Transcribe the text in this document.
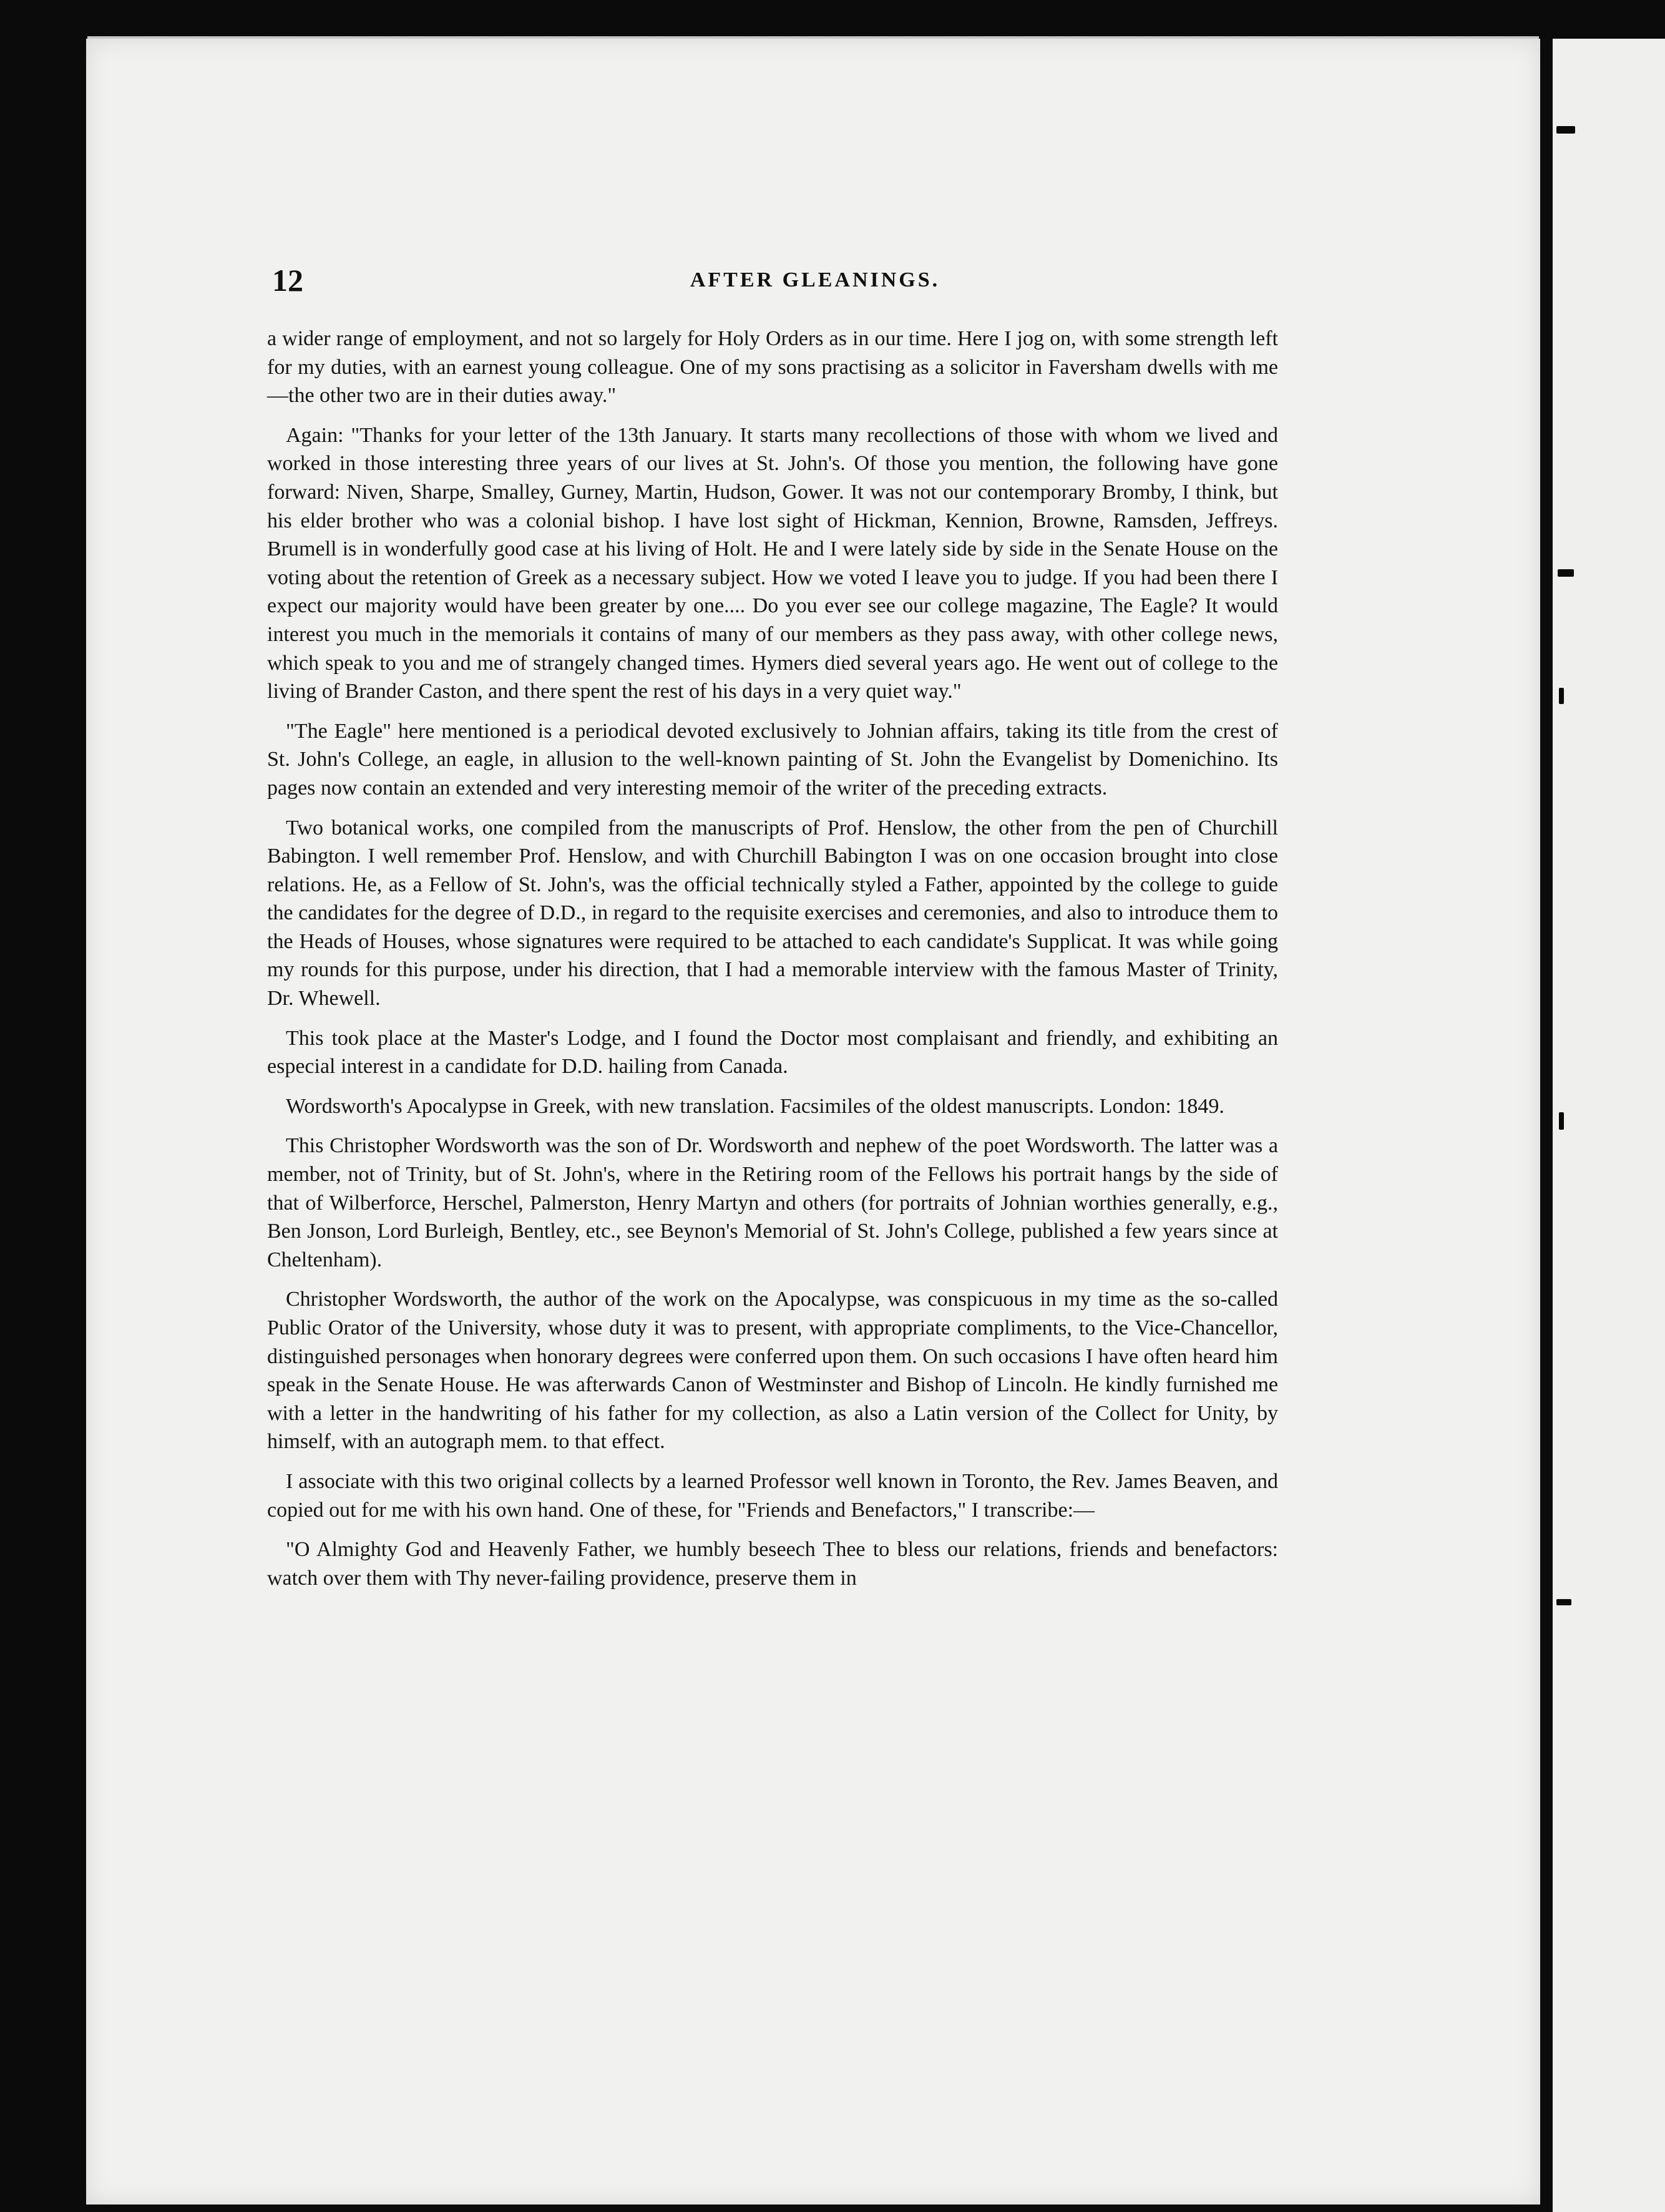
12	AFTER GLEANINGS.

a wider range of employment, and not so largely for Holy Orders as in our time. Here I jog on, with some strength left for my duties, with an earnest young colleague. One of my sons practising as a solicitor in Faversham dwells with me—the other two are in their duties away."

Again: "Thanks for your letter of the 13th January. It starts many recollections of those with whom we lived and worked in those interesting three years of our lives at St. John's. Of those you mention, the following have gone forward: Niven, Sharpe, Smalley, Gurney, Martin, Hudson, Gower. It was not our contemporary Bromby, I think, but his elder brother who was a colonial bishop. I have lost sight of Hickman, Kennion, Browne, Ramsden, Jeffreys. Brumell is in wonderfully good case at his living of Holt. He and I were lately side by side in the Senate House on the voting about the retention of Greek as a necessary subject. How we voted I leave you to judge. If you had been there I expect our majority would have been greater by one.... Do you ever see our college magazine, The Eagle? It would interest you much in the memorials it contains of many of our members as they pass away, with other college news, which speak to you and me of strangely changed times. Hymers died several years ago. He went out of college to the living of Brander Caston, and there spent the rest of his days in a very quiet way."

"The Eagle" here mentioned is a periodical devoted exclusively to Johnian affairs, taking its title from the crest of St. John's College, an eagle, in allusion to the well-known painting of St. John the Evangelist by Domenichino. Its pages now contain an extended and very interesting memoir of the writer of the preceding extracts.

Two botanical works, one compiled from the manuscripts of Prof. Henslow, the other from the pen of Churchill Babington. I well remember Prof. Henslow, and with Churchill Babington I was on one occasion brought into close relations. He, as a Fellow of St. John's, was the official technically styled a Father, appointed by the college to guide the candidates for the degree of D.D., in regard to the requisite exercises and ceremonies, and also to introduce them to the Heads of Houses, whose signatures were required to be attached to each candidate's Supplicat. It was while going my rounds for this purpose, under his direction, that I had a memorable interview with the famous Master of Trinity, Dr. Whewell.

This took place at the Master's Lodge, and I found the Doctor most complaisant and friendly, and exhibiting an especial interest in a candidate for D.D. hailing from Canada.

Wordsworth's Apocalypse in Greek, with new translation. Facsimiles of the oldest manuscripts. London: 1849.

This Christopher Wordsworth was the son of Dr. Wordsworth and nephew of the poet Wordsworth. The latter was a member, not of Trinity, but of St. John's, where in the Retiring room of the Fellows his portrait hangs by the side of that of Wilberforce, Herschel, Palmerston, Henry Martyn and others (for portraits of Johnian worthies generally, e.g., Ben Jonson, Lord Burleigh, Bentley, etc., see Beynon's Memorial of St. John's College, published a few years since at Cheltenham).

Christopher Wordsworth, the author of the work on the Apocalypse, was conspicuous in my time as the so-called Public Orator of the University, whose duty it was to present, with appropriate compliments, to the Vice-Chancellor, distinguished personages when honorary degrees were conferred upon them. On such occasions I have often heard him speak in the Senate House. He was afterwards Canon of Westminster and Bishop of Lincoln. He kindly furnished me with a letter in the handwriting of his father for my collection, as also a Latin version of the Collect for Unity, by himself, with an autograph mem. to that effect.

I associate with this two original collects by a learned Professor well known in Toronto, the Rev. James Beaven, and copied out for me with his own hand. One of these, for "Friends and Benefactors," I transcribe:—

"O Almighty God and Heavenly Father, we humbly beseech Thee to bless our relations, friends and benefactors: watch over them with Thy never-failing providence, preserve them in
